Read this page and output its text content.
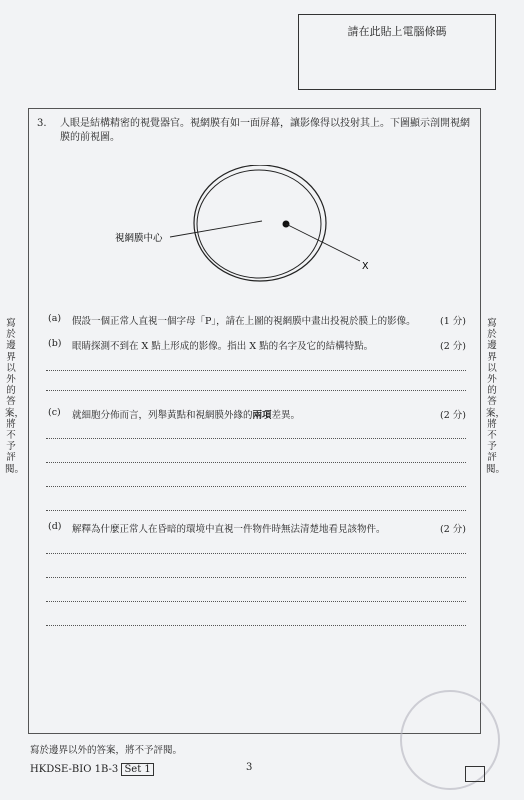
請在此貼上電腦條碼
寫於邊界以外的答案，將不予評閱。
寫於邊界以外的答案，將不予評閱。
3. 人眼是結構精密的視覺器官。視網膜有如一面屏幕，讓影像得以投射其上。下圖顯示剖開視網膜的前視圖。
視網膜中心
X
(a) 假設一個正常人直視一個字母「P」，請在上圖的視網膜中畫出投視於膜上的影像。	(1 分)
(b) 眼睛探測不到在 X 點上形成的影像。指出 X 點的名字及它的結構特點。	(2 分)
(c) 就細胞分佈而言，列舉黃點和視網膜外緣的兩項差異。	(2 分)
(d) 解釋為什麼正常人在昏暗的環境中直視一件物件時無法清楚地看見該物件。	(2 分)
寫於邊界以外的答案，將不予評閱。
HKDSE-BIO 1B-3 Set 1	3
